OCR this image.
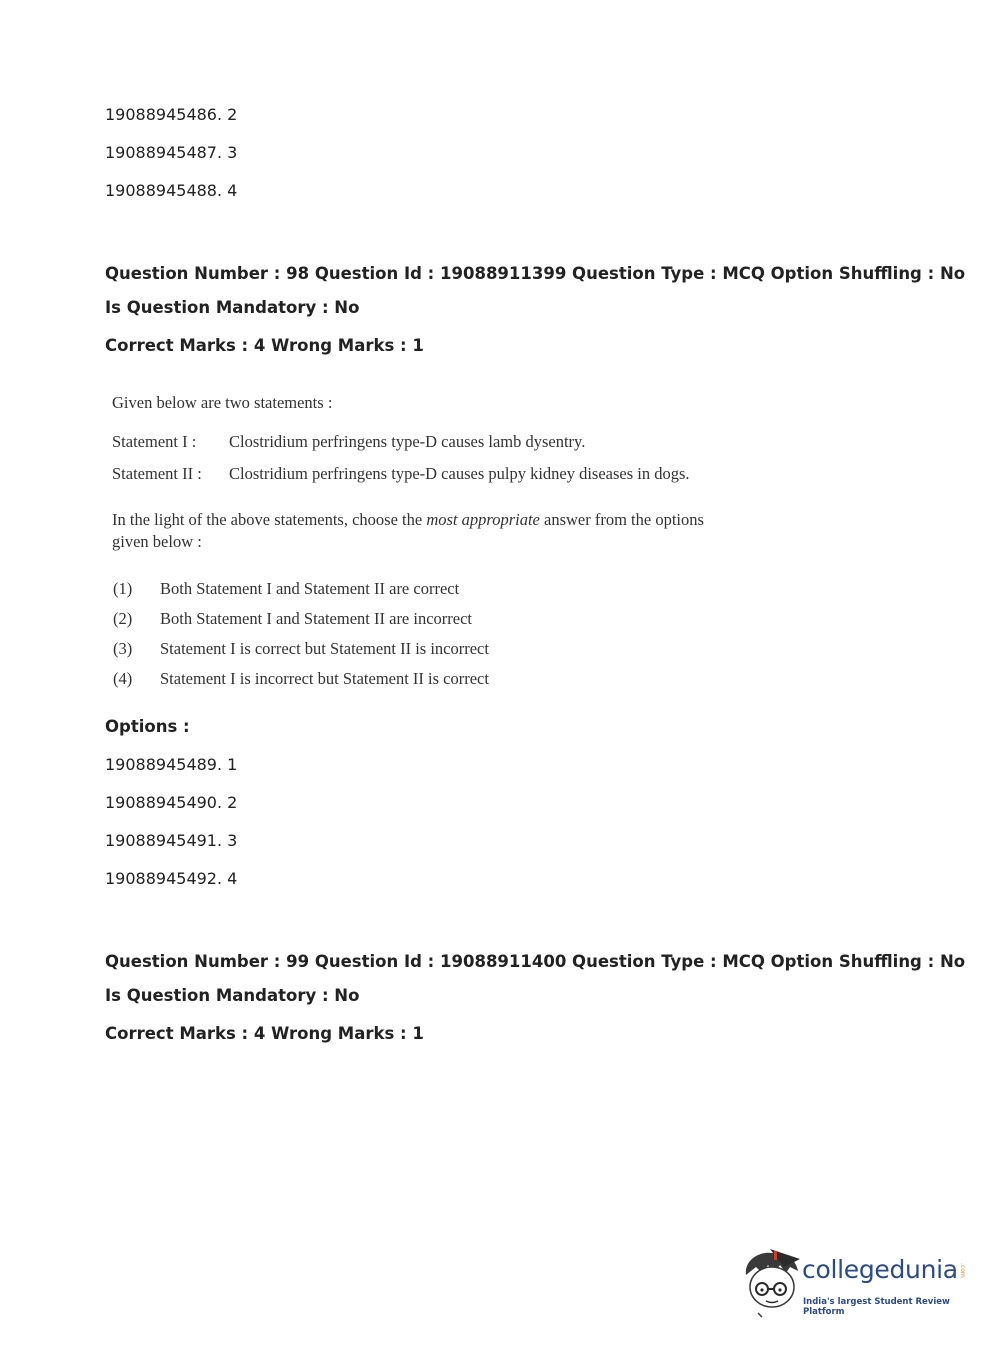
19088945486. 2
19088945487. 3
19088945488. 4
Question Number : 98 Question Id : 19088911399 Question Type : MCQ Option Shuffling : No
Is Question Mandatory : No
Correct Marks : 4 Wrong Marks : 1
Given below are two statements :
Statement I : Clostridium perfringens type-D causes lamb dysentry.
Statement II : Clostridium perfringens type-D causes pulpy kidney diseases in dogs.
In the light of the above statements, choose the most appropriate answer from the options
given below :
(1) Both Statement I and Statement II are correct
(2) Both Statement I and Statement II are incorrect
(3) Statement I is correct but Statement II is incorrect
(4) Statement I is incorrect but Statement II is correct
Options :
19088945489. 1
19088945490. 2
19088945491. 3
19088945492. 4
Question Number : 99 Question Id : 19088911400 Question Type : MCQ Option Shuffling : No
Is Question Mandatory : No
Correct Marks : 4 Wrong Marks : 1
collegedunia .com
India's largest Student Review Platform
